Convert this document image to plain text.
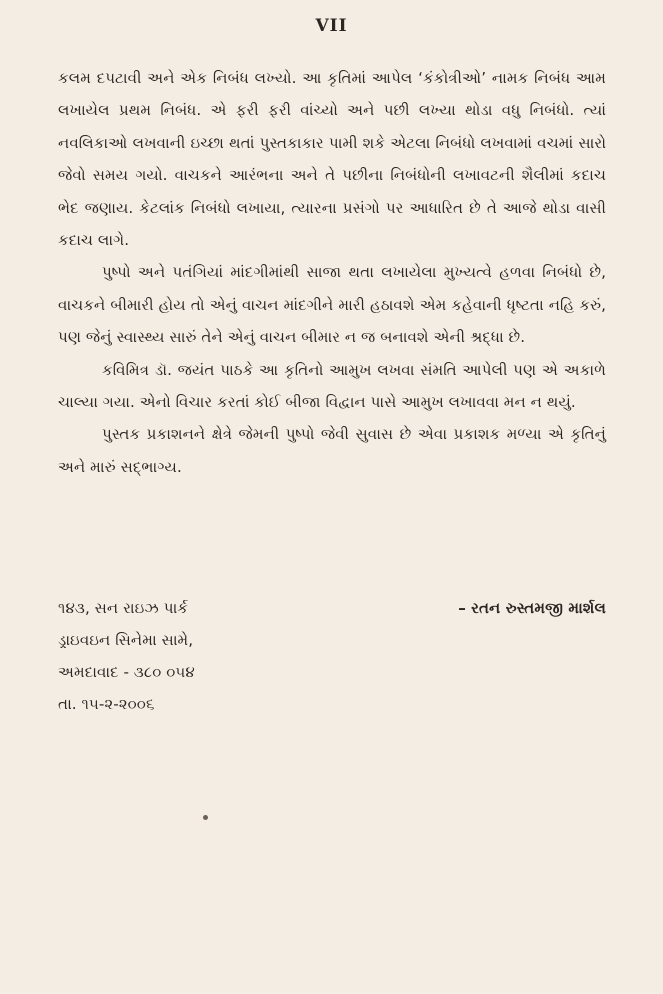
VII

કલમ દપટાવી અને એક નિબંધ લખ્યો. આ કૃતિમાં આપેલ ‘કંકોત્રીઓ’ નામક નિબંધ આમ લખાયેલ પ્રથમ નિબંધ. એ ફરી ફરી વાંચ્યો અને પછી લખ્યા થોડા વધુ નિબંધો. ત્યાં નવલિકાઓ લખવાની ઇચ્છા થતાં પુસ્તકાકાર પામી શકે એટલા નિબંધો લખવામાં વચમાં સારો જેવો સમય ગયો. વાચકને આરંભના અને તે પછીના નિબંધોની લખાવટની શૈલીમાં કદાચ ભેદ જણાય. કેટલાંક નિબંધો લખાયા, ત્યારના પ્રસંગો પર આધારિત છે તે આજે થોડા વાસી કદાચ લાગે.

પુષ્પો અને પતંગિયાં માંદગીમાંથી સાજા થતા લખાયેલા મુખ્યત્વે હળવા નિબંધો છે, વાચકને બીમારી હોય તો એનું વાચન માંદગીને મારી હઠાવશે એમ કહેવાની ધૃષ્ટતા નહિ કરું, પણ જેનું સ્વાસ્થ્ય સારું તેને એનું વાચન બીમાર ન જ બનાવશે એની શ્રદ્ધા છે.

કવિમિત્ર ડૉ. જયંત પાઠકે આ કૃતિનો આમુખ લખવા સંમતિ આપેલી પણ એ અકાળે ચાલ્યા ગયા. એનો વિચાર કરતાં કોઈ બીજા વિદ્વાન પાસે આમુખ લખાવવા મન ન થયું.

પુસ્તક પ્રકાશનને ક્ષેત્રે જેમની પુષ્પો જેવી સુવાસ છે એવા પ્રકાશક મળ્યા એ કૃતિનું અને મારું સદ્ભાગ્ય.

૧૪૩, સન રાઇઝ પાર્ક	– રતન રુસ્તમજી માર્શલ
ડ્રાઇવઇન સિનેમા સામે,
અમદાવાદ - ૩૮૦ ૦૫૪
તા. ૧૫-૨-૨૦૦૬
